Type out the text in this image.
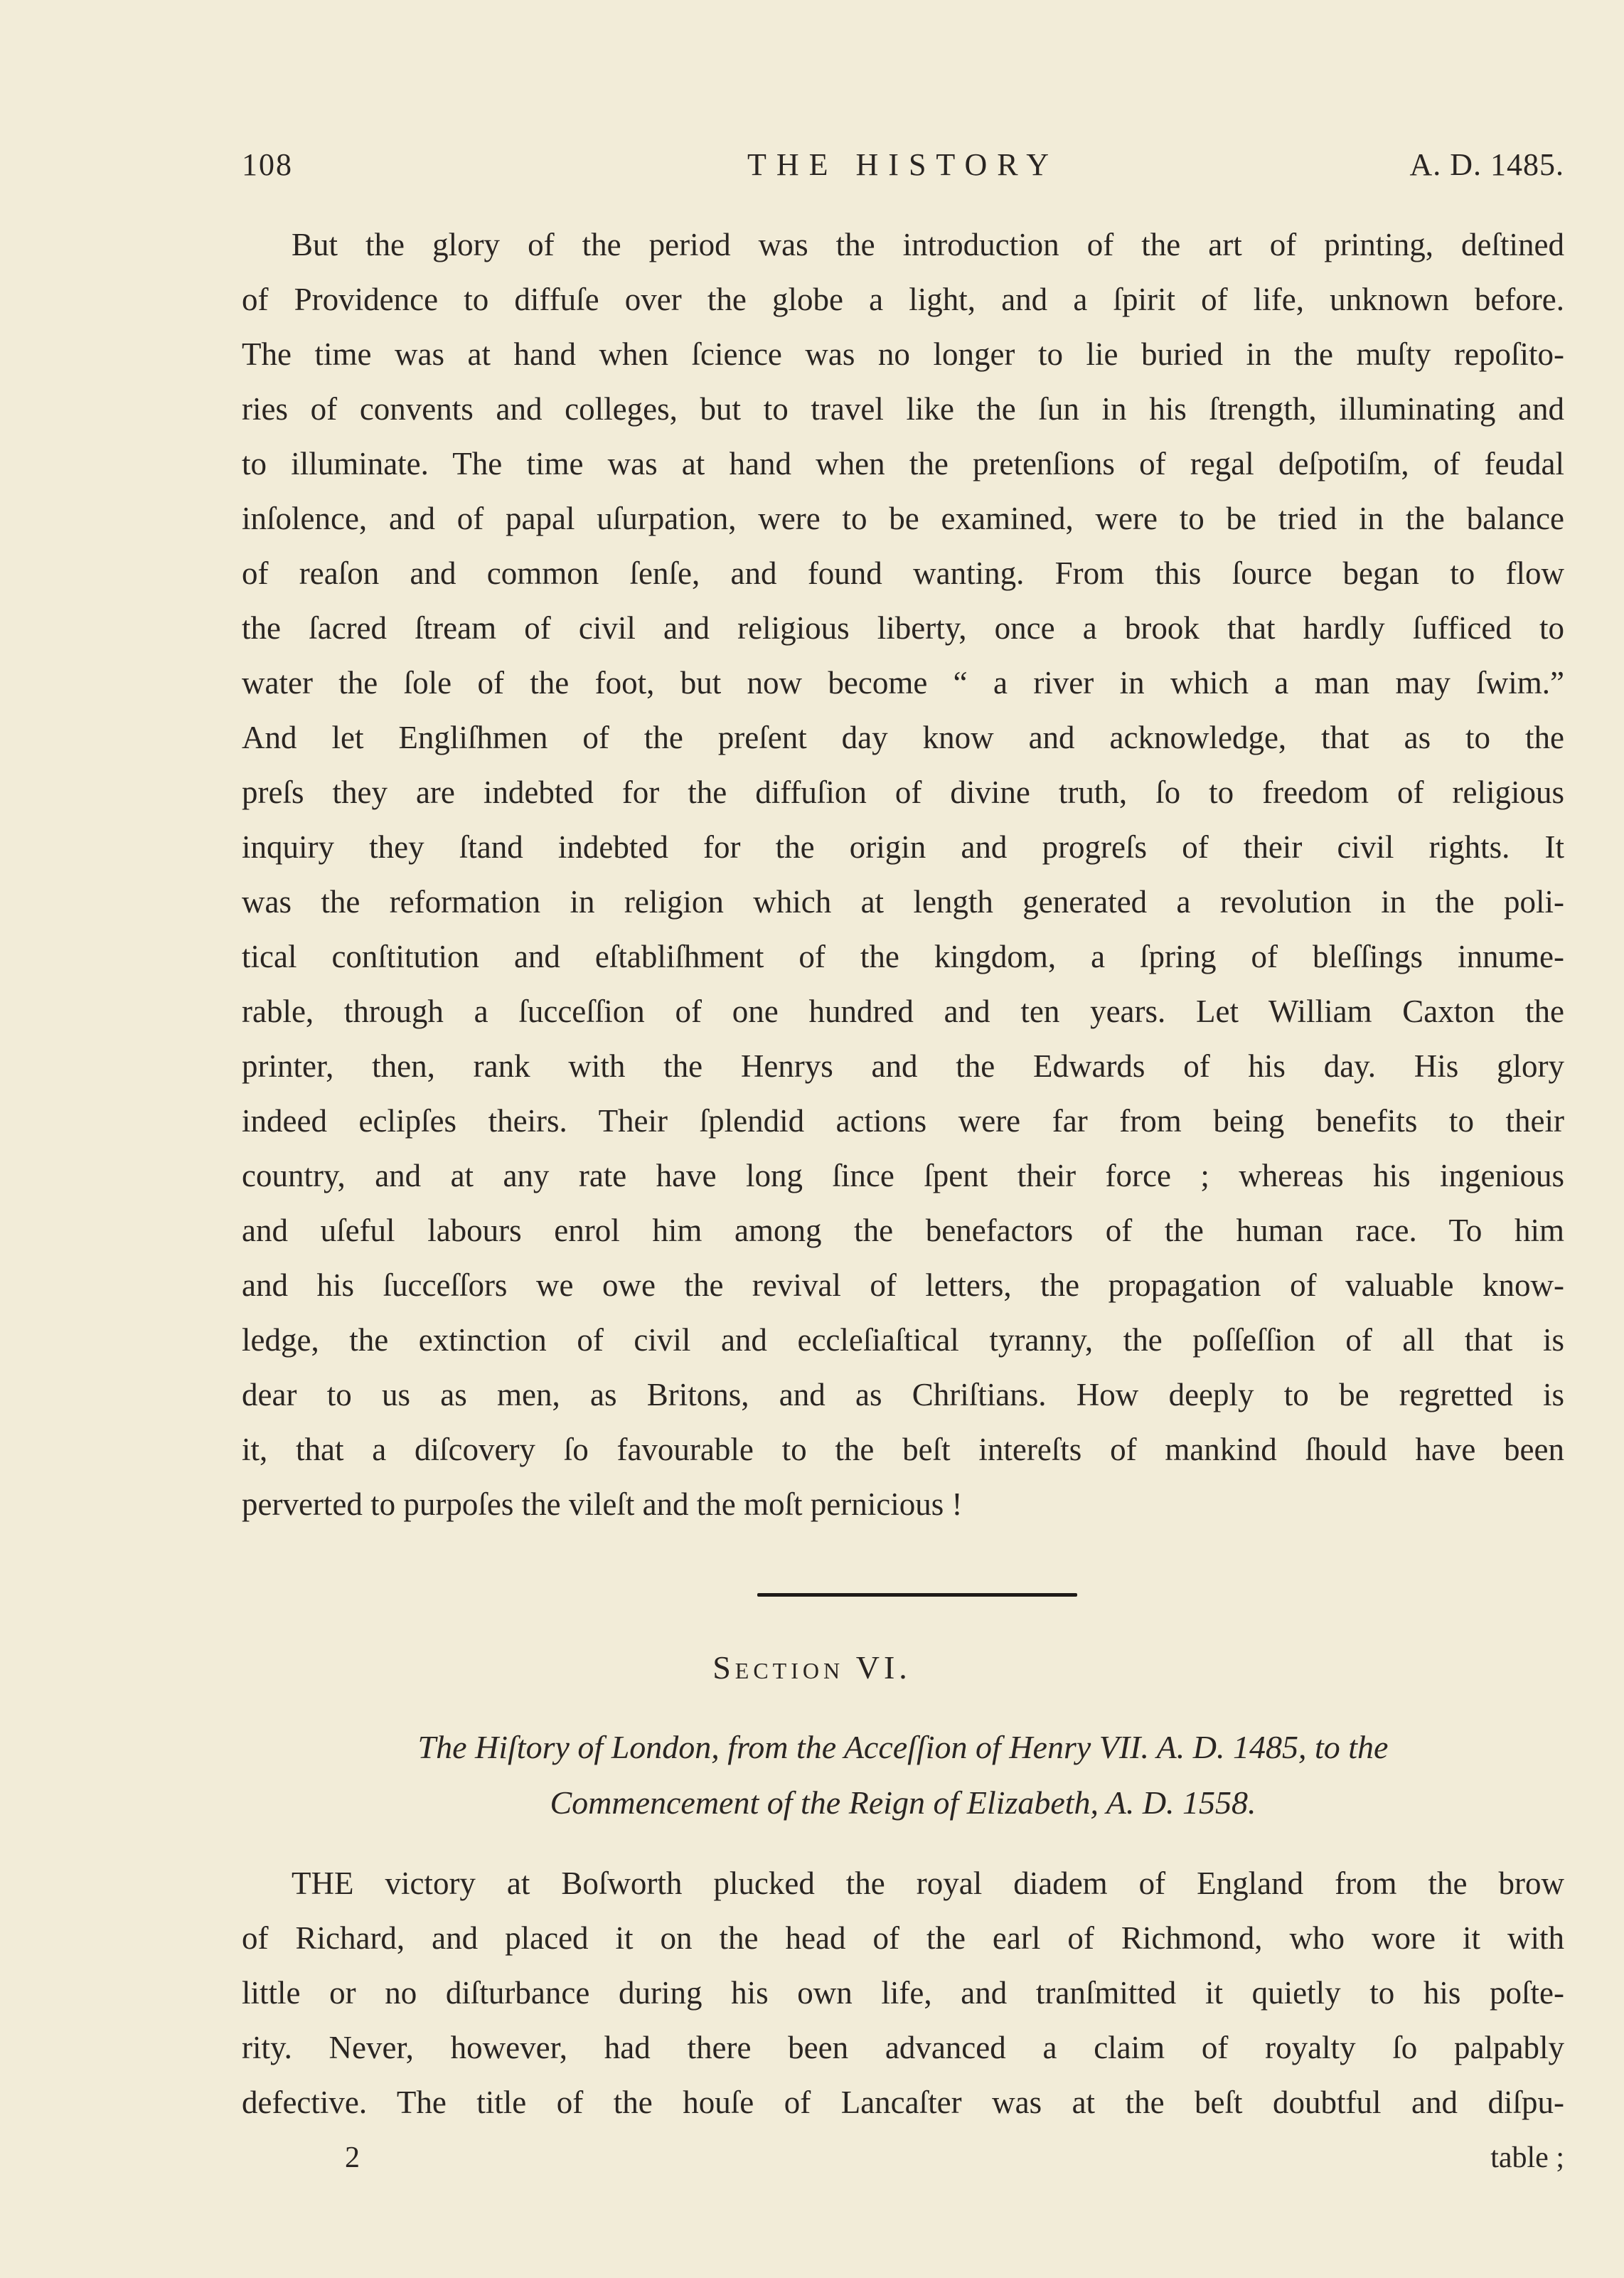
108	THE HISTORY	A. D. 1485.
But the glory of the period was the introduction of the art of printing, deſtined
of Providence to diffuſe over the globe a light, and a ſpirit of life, unknown before.
The time was at hand when ſcience was no longer to lie buried in the muſty repoſito-
ries of convents and colleges, but to travel like the ſun in his ſtrength, illuminating and
to illuminate. The time was at hand when the pretenſions of regal deſpotiſm, of feudal
inſolence, and of papal uſurpation, were to be examined, were to be tried in the balance
of reaſon and common ſenſe, and found wanting. From this ſource began to flow
the ſacred ſtream of civil and religious liberty, once a brook that hardly ſufficed to
water the ſole of the foot, but now become “ a river in which a man may ſwim.”
And let Engliſhmen of the preſent day know and acknowledge, that as to the
preſs they are indebted for the diffuſion of divine truth, ſo to freedom of religious
inquiry they ſtand indebted for the origin and progreſs of their civil rights. It
was the reformation in religion which at length generated a revolution in the poli-
tical conſtitution and eſtabliſhment of the kingdom, a ſpring of bleſſings innume-
rable, through a ſucceſſion of one hundred and ten years. Let William Caxton the
printer, then, rank with the Henrys and the Edwards of his day. His glory
indeed eclipſes theirs. Their ſplendid actions were far from being benefits to their
country, and at any rate have long ſince ſpent their force ; whereas his ingenious
and uſeful labours enrol him among the benefactors of the human race. To him
and his ſucceſſors we owe the revival of letters, the propagation of valuable know-
ledge, the extinction of civil and eccleſiaſtical tyranny, the poſſeſſion of all that is
dear to us as men, as Britons, and as Chriſtians. How deeply to be regretted is
it, that a diſcovery ſo favourable to the beſt intereſts of mankind ſhould have been
perverted to purpoſes the vileſt and the moſt pernicious !
Section VI.
The Hiſtory of London, from the Acceſſion of Henry VII. A. D. 1485, to the
Commencement of the Reign of Elizabeth, A. D. 1558.
THE victory at Boſworth plucked the royal diadem of England from the brow
of Richard, and placed it on the head of the earl of Richmond, who wore it with
little or no diſturbance during his own life, and tranſmitted it quietly to his poſte-
rity. Never, however, had there been advanced a claim of royalty ſo palpably
defective. The title of the houſe of Lancaſter was at the beſt doubtful and diſpu-
2	table ;
